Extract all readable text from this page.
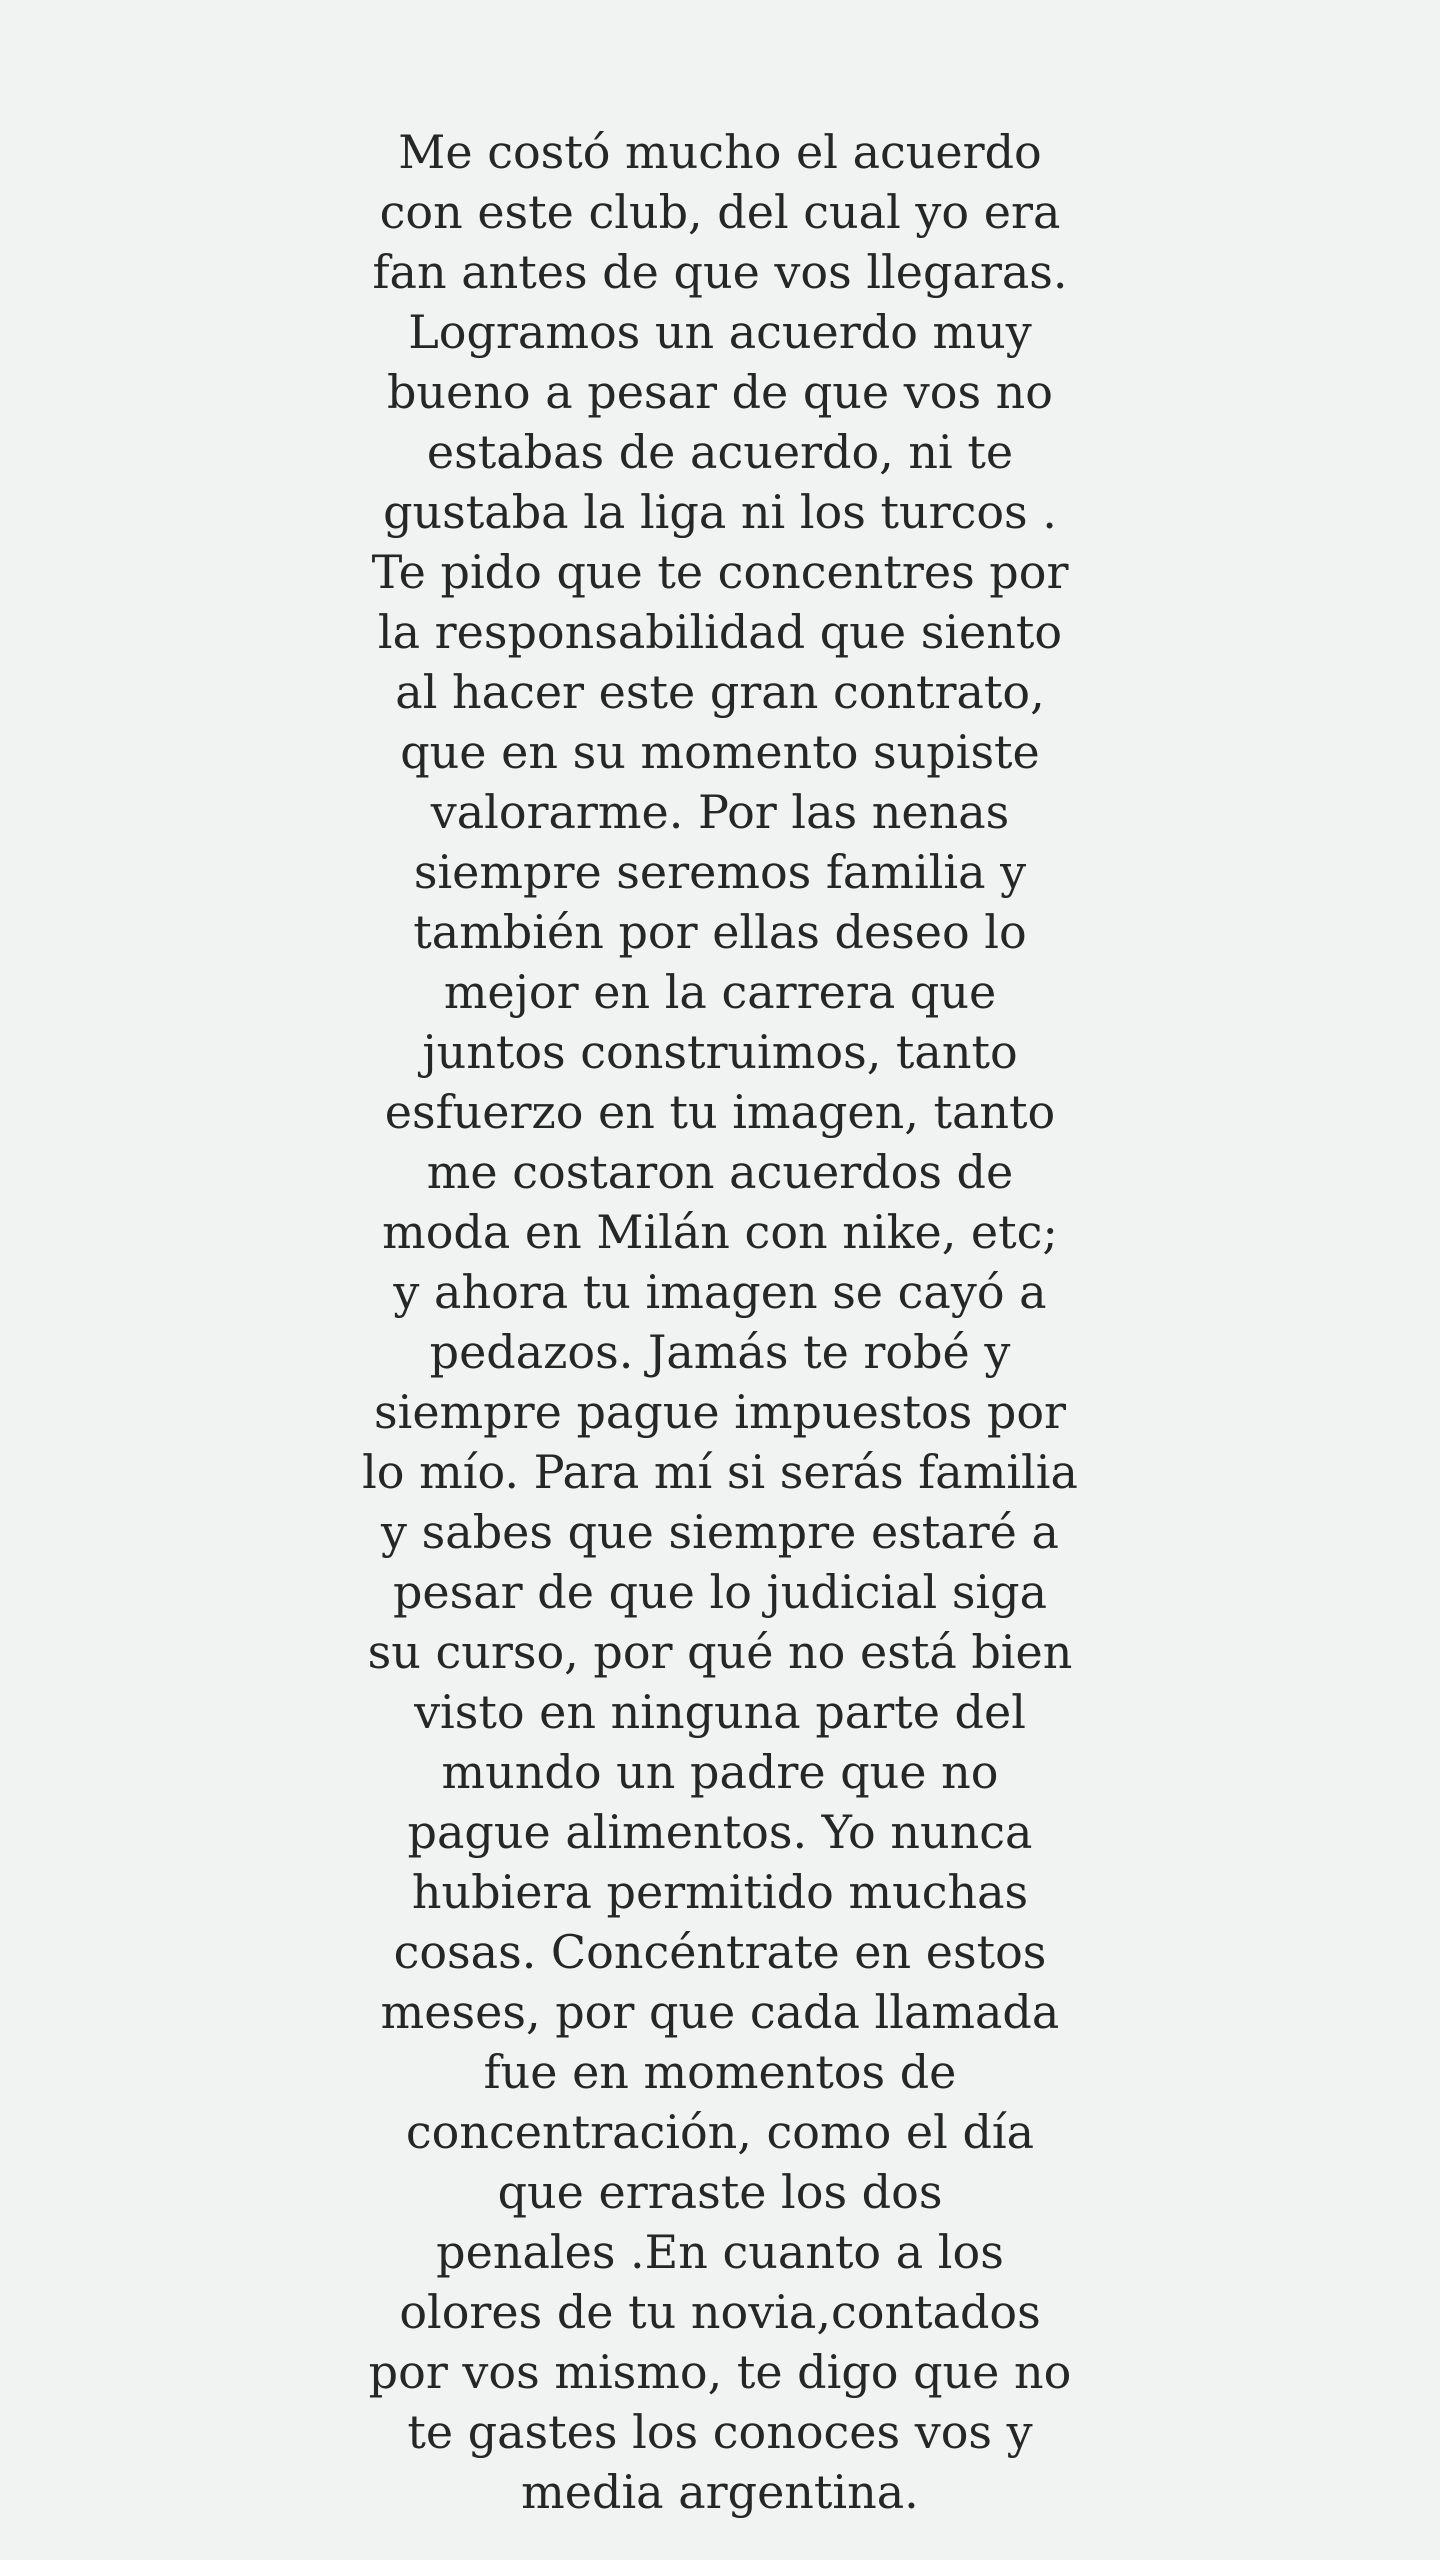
Me costó mucho el acuerdo
con este club, del cual yo era
fan antes de que vos llegaras.
Logramos un acuerdo muy
bueno a pesar de que vos no
estabas de acuerdo, ni te
gustaba la liga ni los turcos .
Te pido que te concentres por
la responsabilidad que siento
al hacer este gran contrato,
que en su momento supiste
valorarme. Por las nenas
siempre seremos familia y
también por ellas deseo lo
mejor en la carrera que
juntos construimos, tanto
esfuerzo en tu imagen, tanto
me costaron acuerdos de
moda en Milán con nike, etc;
y ahora tu imagen se cayó a
pedazos. Jamás te robé y
siempre pague impuestos por
lo mío. Para mí si serás familia
y sabes que siempre estaré a
pesar de que lo judicial siga
su curso, por qué no está bien
visto en ninguna parte del
mundo un padre que no
pague alimentos. Yo nunca
hubiera permitido muchas
cosas. Concéntrate en estos
meses, por que cada llamada
fue en momentos de
concentración, como el día
que erraste los dos
penales .En cuanto a los
olores de tu novia,contados
por vos mismo, te digo que no
te gastes los conoces vos y
media argentina.
